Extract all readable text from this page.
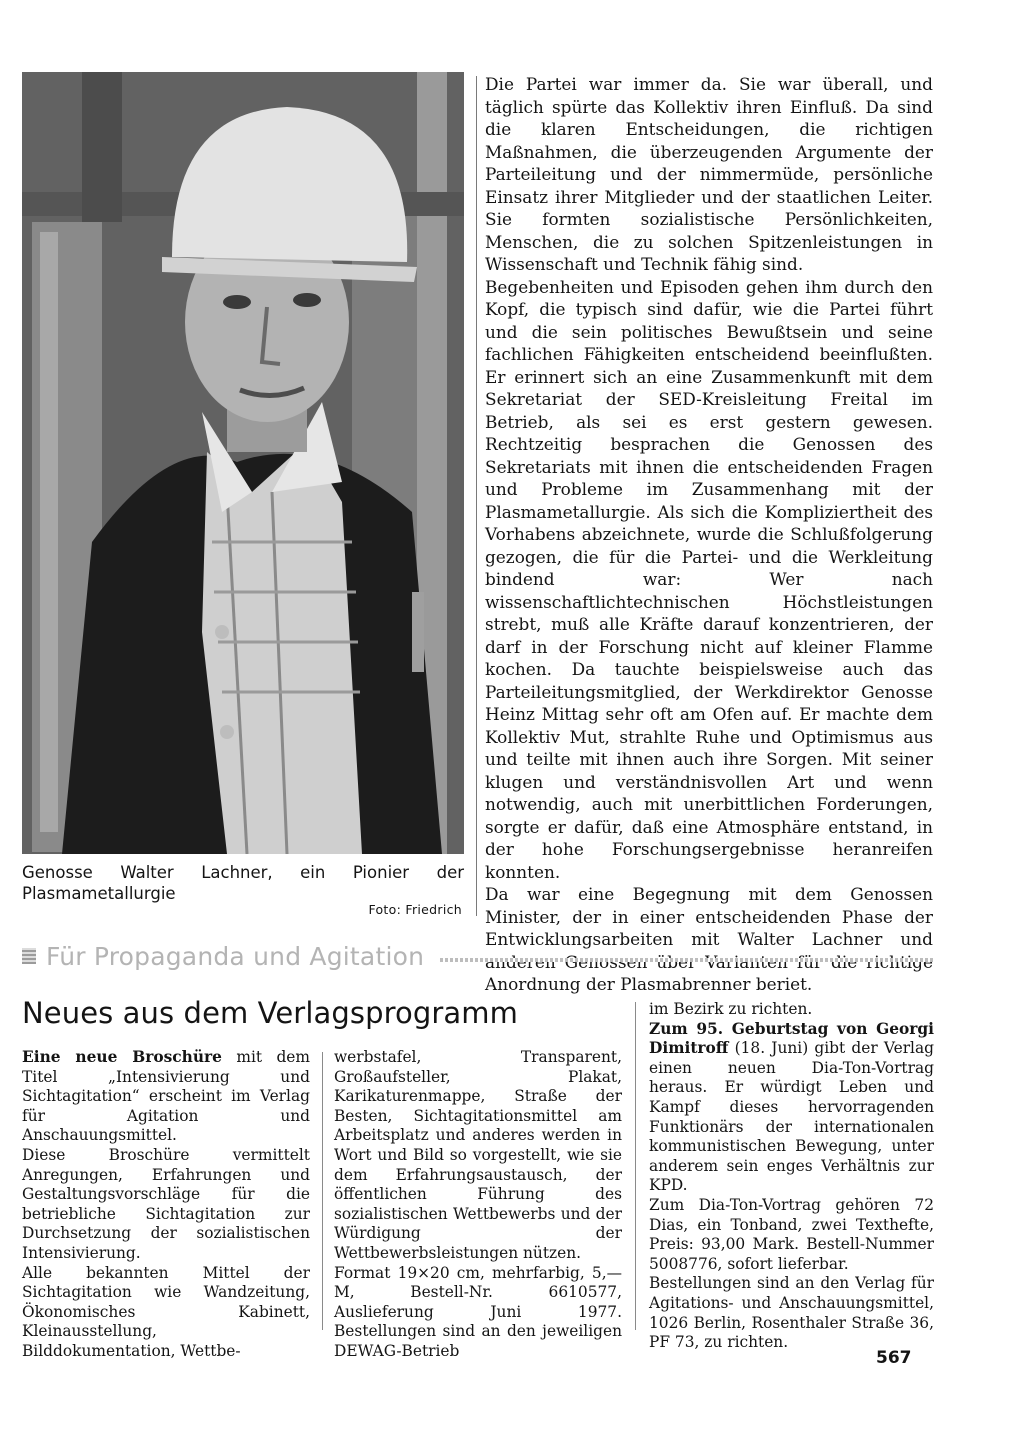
Genosse Walter Lachner, ein Pionier der Plasmametallurgie
Foto: Friedrich

Die Partei war immer da. Sie war überall, und täglich spürte das Kollektiv ihren Einfluß. Da sind die klaren Entscheidungen, die richtigen Maßnahmen, die überzeugenden Argumente der Parteileitung und der nimmermüde, persönliche Einsatz ihrer Mitglieder und der staatlichen Leiter. Sie formten sozialistische Persönlichkeiten, Menschen, die zu solchen Spitzenleistungen in Wissenschaft und Technik fähig sind.

Begebenheiten und Episoden gehen ihm durch den Kopf, die typisch sind dafür, wie die Partei führt und die sein politisches Bewußtsein und seine fachlichen Fähigkeiten entscheidend beeinflußten. Er erinnert sich an eine Zusammenkunft mit dem Sekretariat der SED-Kreisleitung Freital im Betrieb, als sei es erst gestern gewesen. Rechtzeitig besprachen die Genossen des Sekretariats mit ihnen die entscheidenden Fragen und Probleme im Zusammenhang mit der Plasmametallurgie. Als sich die Kompliziertheit des Vorhabens abzeichnete, wurde die Schlußfolgerung gezogen, die für die Partei- und die Werkleitung bindend war: Wer nach wissenschaftlichtechnischen Höchstleistungen strebt, muß alle Kräfte darauf konzentrieren, der darf in der Forschung nicht auf kleiner Flamme kochen. Da tauchte beispielsweise auch das Parteileitungsmitglied, der Werkdirektor Genosse Heinz Mittag sehr oft am Ofen auf. Er machte dem Kollektiv Mut, strahlte Ruhe und Optimismus aus und teilte mit ihnen auch ihre Sorgen. Mit seiner klugen und verständnisvollen Art und wenn notwendig, auch mit unerbittlichen Forderungen, sorgte er dafür, daß eine Atmosphäre entstand, in der hohe Forschungsergebnisse heranreifen konnten.

Da war eine Begegnung mit dem Genossen Minister, der in einer entscheidenden Phase der Entwicklungsarbeiten mit Walter Lachner und Anordnung der Plasmabrenner beriet.

Für Propaganda und Agitation
Neues aus dem Verlagsprogramm

Eine neue Broschüre mit dem Titel „Intensivierung und Sichtagitation“ erscheint im Verlag für Agitation und Anschauungsmittel.

Diese Broschüre vermittelt Anregungen, Erfahrungen und Gestaltungsvorschläge für die betriebliche Sichtagitation zur Durchsetzung der sozialistischen Intensivierung.

Alle bekannten Mittel der Sichtagitation wie Wandzeitung, Ökonomisches Kabinett, Kleinausstellung, Bilddokumentation, Wettbe-

werbstafel, Transparent, Großaufsteller, Plakat, Karikaturenmappe, Straße der Besten, Sichtagitationsmittel am Arbeitsplatz und anderes werden in Wort und Bild so vorgestellt, wie sie dem Erfahrungsaustausch, der öffentlichen Führung des sozialistischen Wettbewerbs und der Würdigung der Wettbewerbsleistungen nützen.

Format 19×20 cm, mehrfarbig, 5,—M, Bestell-Nr. 6610577, Auslieferung Juni 1977. Bestellungen sind an den jeweiligen DEWAG-Betrieb

im Bezirk zu richten.

Zum 95. Geburtstag von Georgi Dimitroff (18. Juni) gibt der Verlag einen neuen Dia-Ton-Vortrag heraus. Er würdigt Leben und Kampf dieses hervorragenden Funktionärs der internationalen kommunistischen Bewegung, unter anderem sein enges Verhältnis zur KPD.

Zum Dia-Ton-Vortrag gehören 72 Dias, ein Tonband, zwei Texthefte, Preis: 93,00 Mark. Bestell-Nummer 5008776, sofort lieferbar.

Bestellungen sind an den Verlag für Agitations- und Anschauungsmittel, 1026 Berlin, Rosenthaler Straße 36, PF 73, zu richten.

567
